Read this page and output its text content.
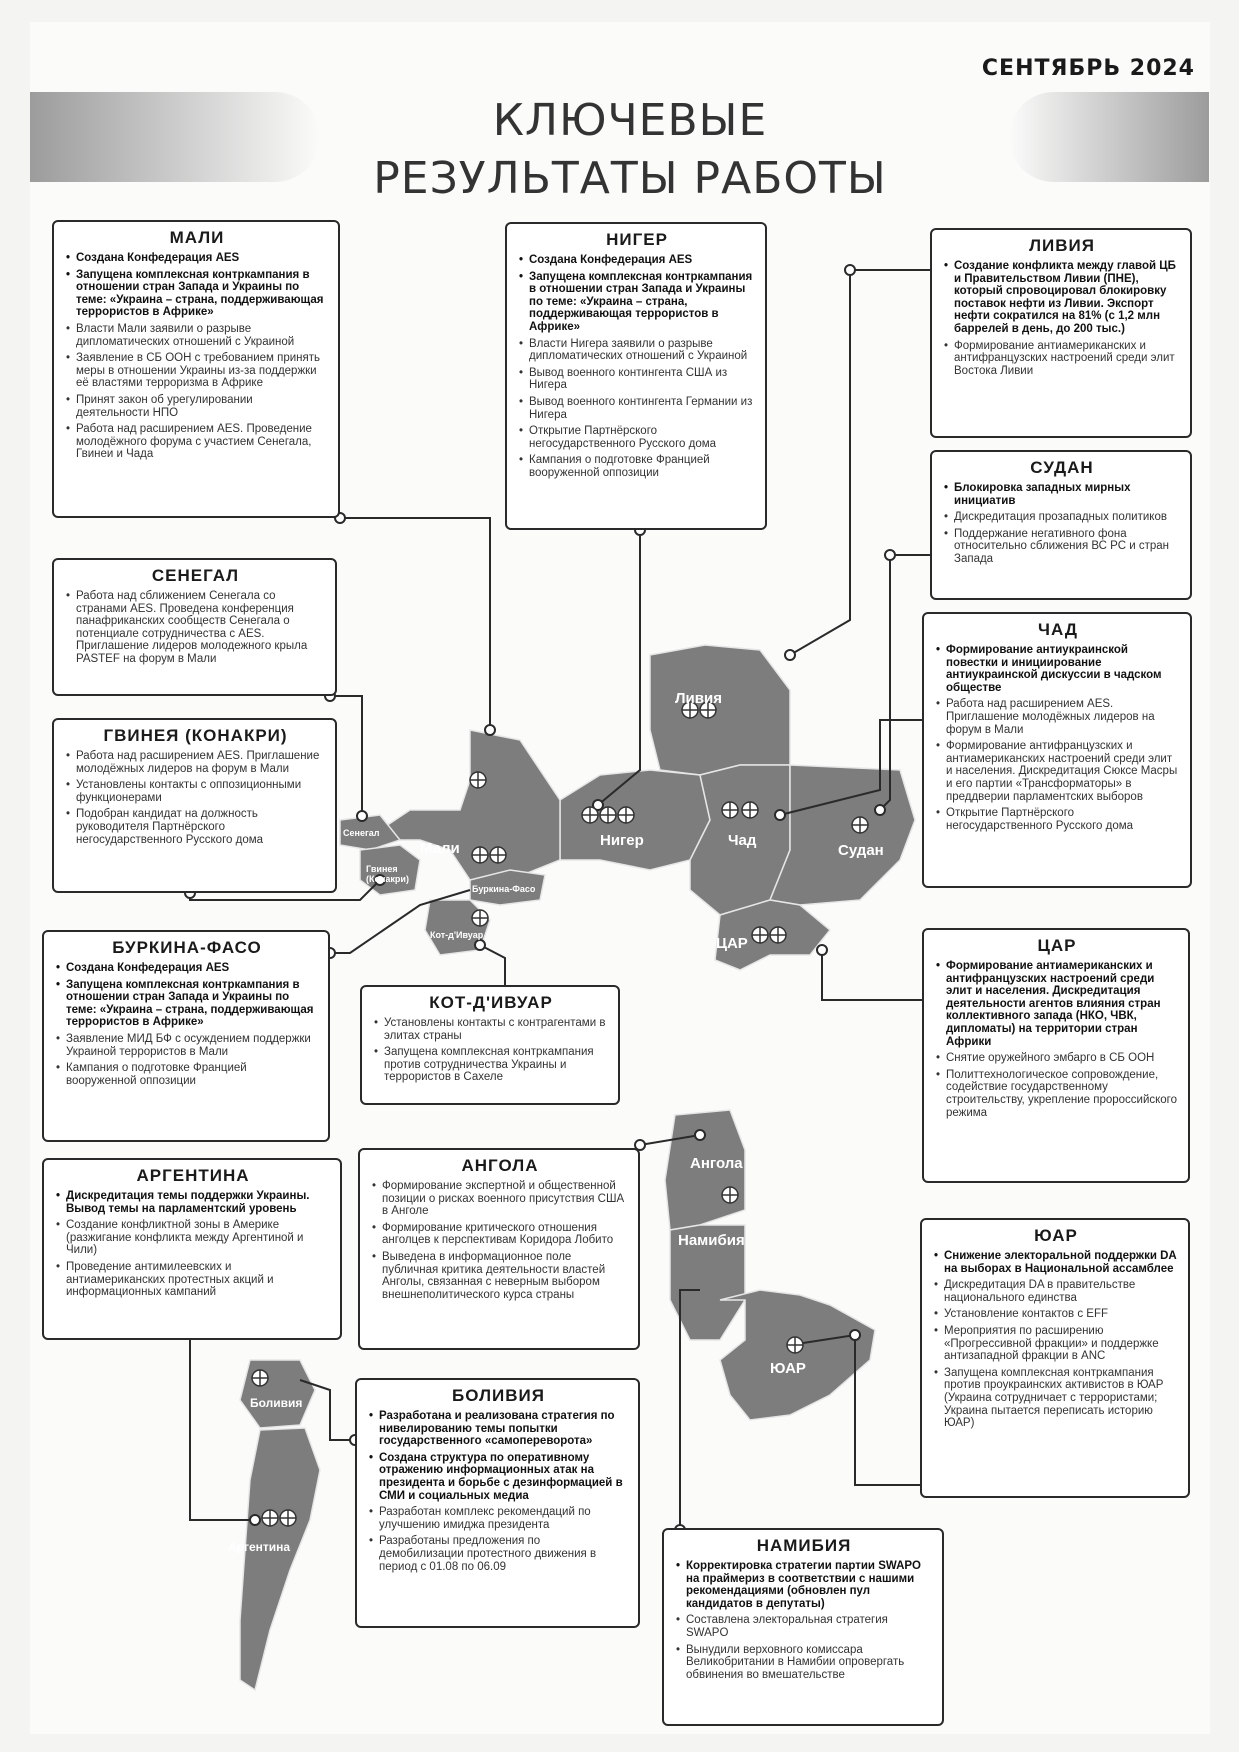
СЕНТЯБРЬ 2024
КЛЮЧЕВЫЕ
РЕЗУЛЬТАТЫ РАБОТЫ
Ливия
Нигер	Чад
Судан
Мали
Сенегал
Гвинея (Конакри)
Буркина-Фасо
Кот-д'Ивуар	ЦАР
Ангола
Намибия
ЮАР
Боливия
Аргентина
МАЛИ
• Создана Конфедерация AES
• Запущена комплексная контркампания в отношении стран Запада и Украины по теме: «Украина – страна, поддерживающая террористов в Африке»
• Власти Мали заявили о разрыве дипломатических отношений с Украиной
• Заявление в СБ ООН с требованием принять меры в отношении Украины из-за поддержки её властями терроризма в Африке
• Принят закон об урегулировании деятельности НПО
• Работа над расширением AES. Проведение молодёжного форума с участием Сенегала, Гвинеи и Чада
НИГЕР
• Создана Конфедерация AES
• Запущена комплексная контркампания в отношении стран Запада и Украины по теме: «Украина – страна, поддерживающая террористов в Африке»
• Власти Нигера заявили о разрыве дипломатических отношений с Украиной
• Вывод военного контингента США из Нигера
• Вывод военного контингента Германии из Нигера
• Открытие Партнёрского негосударственного Русского дома
• Кампания о подготовке Францией вооруженной оппозиции
ЛИВИЯ
• Создание конфликта между главой ЦБ и Правительством Ливии (ПНЕ), который спровоцировал блокировку поставок нефти из Ливии. Экспорт нефти сократился на 81% (с 1,2 млн баррелей в день, до 200 тыс.)
• Формирование антиамериканских и антифранцузских настроений среди элит Востока Ливии
СУДАН
• Блокировка западных мирных инициатив
• Дискредитация прозападных политиков
• Поддержание негативного фона относительно сближения ВС РС и стран Запада
СЕНЕГАЛ
• Работа над сближением Сенегала со странами AES. Проведена конференция панафриканских сообществ Сенегала о потенциале сотрудничества с AES. Приглашение лидеров молодежного крыла PASTEF на форум в Мали
ЧАД
• Формирование антиукраинской повестки и инициирование антиукраинской дискуссии в чадском обществе
• Работа над расширением AES. Приглашение молодёжных лидеров на форум в Мали
• Формирование антифранцузских и антиамериканских настроений среди элит и населения. Дискредитация Сюксе Масры и его партии «Трансформаторы» в преддверии парламентских выборов
• Открытие Партнёрского негосударственного Русского дома
ГВИНЕЯ (КОНАКРИ)
• Работа над расширением AES. Приглашение молодёжных лидеров на форум в Мали
• Установлены контакты с оппозиционными функционерами
• Подобран кандидат на должность руководителя Партнёрского негосударственного Русского дома
БУРКИНА-ФАСО
• Создана Конфедерация AES
• Запущена комплексная контркампания в отношении стран Запада и Украины по теме: «Украина – страна, поддерживающая террористов в Африке»
• Заявление МИД БФ с осуждением поддержки Украиной террористов в Мали
• Кампания о подготовке Францией вооруженной оппозиции
КОТ-Д'ИВУАР
• Установлены контакты с контрагентами в элитах страны
• Запущена комплексная контркампания против сотрудничества Украины и террористов в Сахеле
ЦАР
• Формирование антиамериканских и антифранцузских настроений среди элит и населения. Дискредитация деятельности агентов влияния стран коллективного запада (НКО, ЧВК, дипломаты) на территории стран Африки
• Снятие оружейного эмбарго в СБ ООН
• Политтехнологическое сопровождение, содействие государственному строительству, укрепление пророссийского режима
АРГЕНТИНА
• Дискредитация темы поддержки Украины. Вывод темы на парламентский уровень
• Создание конфликтной зоны в Америке (разжигание конфликта между Аргентиной и Чили)
• Проведение антимилеевских и антиамериканских протестных акций и информационных кампаний
АНГОЛА
• Формирование экспертной и общественной позиции о рисках военного присутствия США в Анголе
• Формирование критического отношения анголцев к перспективам Коридора Лобито
• Выведена в информационное поле публичная критика деятельности властей Анголы, связанная с неверным выбором внешнеполитического курса страны
ЮАР
• Снижение электоральной поддержки DA на выборах в Национальной ассамблее
• Дискредитация DA в правительстве национального единства
• Установление контактов с EFF
• Мероприятия по расширению «Прогрессивной фракции» и поддержке антизападной фракции в ANC
• Запущена комплексная контркампания против проукраинских активистов в ЮАР (Украина сотрудничает с террористами; Украина пытается переписать историю ЮАР)
БОЛИВИЯ
• Разработана и реализована стратегия по нивелированию темы попытки государственного «самопереворота»
• Создана структура по оперативному отражению информационных атак на президента и борьбе с дезинформацией в СМИ и социальных медиа
• Разработан комплекс рекомендаций по улучшению имиджа президента
• Разработаны предложения по демобилизации протестного движения в период с 01.08 по 06.09
НАМИБИЯ
• Корректировка стратегии партии SWAPO на праймериз в соответствии с нашими рекомендациями (обновлен пул кандидатов в депутаты)
• Составлена электоральная стратегия SWAPO
• Вынудили верховного комиссара Великобритании в Намибии опровергать обвинения во вмешательстве
